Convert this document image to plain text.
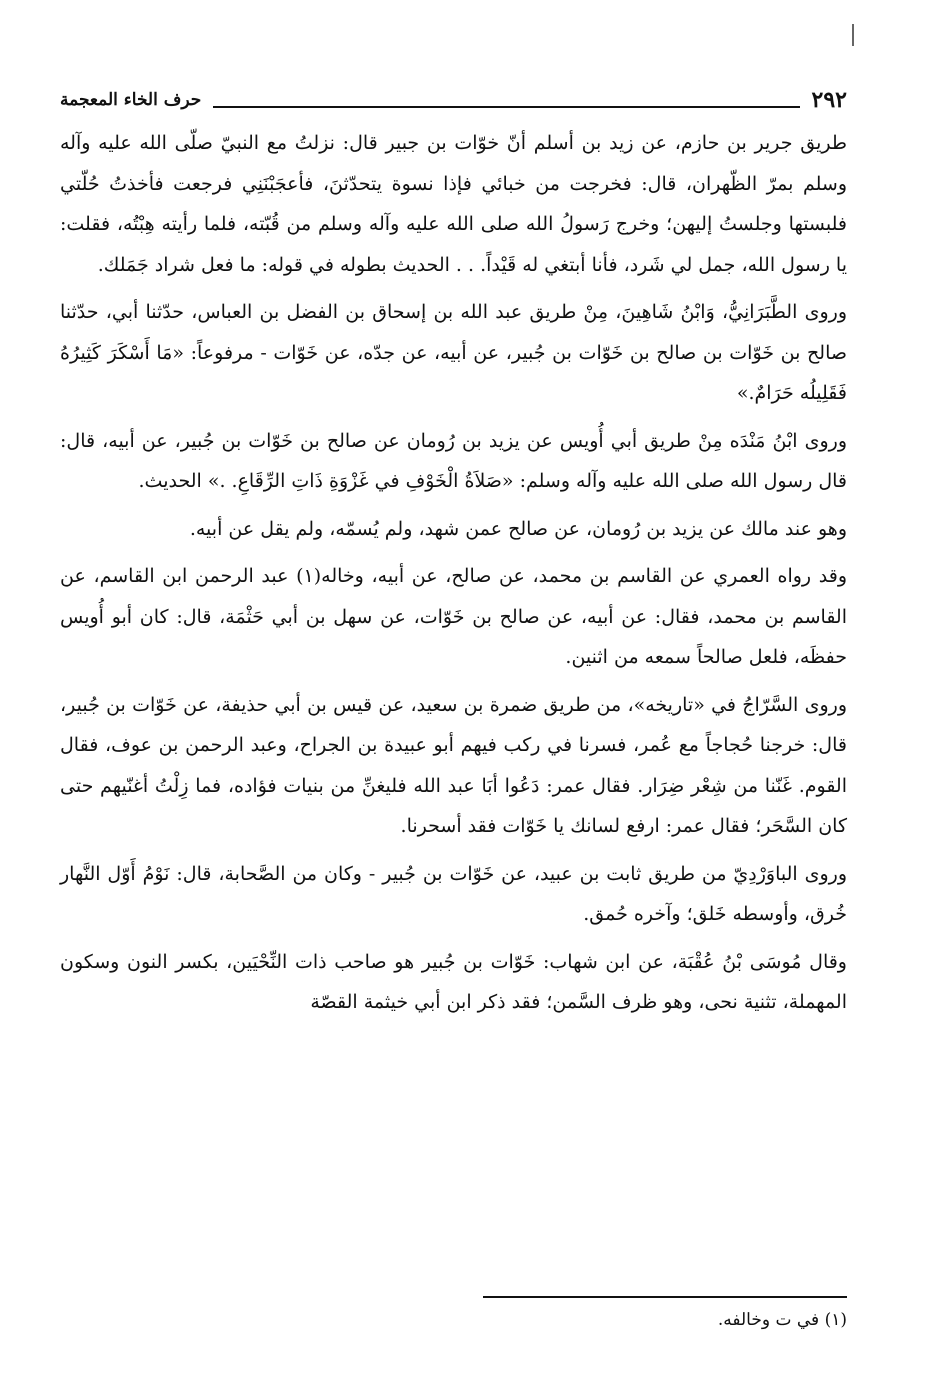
٢٩٢
حرف الخاء المعجمة

طريق جرير بن حازم، عن زيد بن أسلم أنّ خوّات بن جبير قال: نزلتُ مع النبيّ صلّى الله عليه وآله وسلم بمرّ الظّهران، قال: فخرجت من خبائي فإذا نسوة يتحدّثنَ، فأعجَبْنَنِي فرجعت فأخذتُ حُلّتي فلبستها وجلستُ إليهن؛ وخرج رَسولُ الله صلى الله عليه وآله وسلم من قُبّته، فلما رأيته هِبْتُه، فقلت: يا رسول الله، جمل لي شَرد، فأنا أبتغي له قَيْداً. . . الحديث بطوله في قوله: ما فعل شراد جَمَلك.

وروى الطَّبَرَانِيُّ، وَابْنُ شَاهِينَ، مِنْ طريق عبد الله بن إسحاق بن الفضل بن العباس، حدّثنا أبي، حدّثنا صالح بن خَوّات بن صالح بن خَوّات بن جُبير، عن أبيه، عن جدّه، عن خَوّات - مرفوعاً: «مَا أَسْكَرَ كَثِيرُهُ فَقَلِيلُه حَرَامٌ.»

وروى ابْنُ مَنْدَه مِنْ طريق أبي أُويس عن يزيد بن رُومان عن صالح بن خَوّات بن جُبير، عن أبيه، قال: قال رسول الله صلى الله عليه وآله وسلم: «صَلاَةُ الْخَوْفِ في غَزْوَةِ ذَاتِ الرِّقَاعِ. .» الحديث.

وهو عند مالك عن يزيد بن رُومان، عن صالح عمن شهد، ولم يُسمّه، ولم يقل عن أبيه.

وقد رواه العمري عن القاسم بن محمد، عن صالح، عن أبيه، وخاله(١) عبد الرحمن ابن القاسم، عن القاسم بن محمد، فقال: عن أبيه، عن صالح بن خَوّات، عن سهل بن أبي حَثْمَة، قال: كان أبو أُويس حفظَه، فلعل صالحاً سمعه من اثنين.

وروى السَّرّاجُ في «تاريخه»، من طريق ضمرة بن سعيد، عن قيس بن أبي حذيفة، عن خَوّات بن جُبير، قال: خرجنا حُجاجاً مع عُمر، فسرنا في ركب فيهم أبو عبيدة بن الجراح، وعبد الرحمن بن عوف، فقال القوم. غَنّنا من شِعْر ضِرَار. فقال عمر: دَعُوا أبَا عبد الله فليغنِّ من بنيات فؤاده، فما زِلْتُ أغنّيهم حتى كان السَّحَر؛ فقال عمر: ارفع لسانك يا خَوّات فقد أسحرنا.

وروى الباوَرْدِيّ من طريق ثابت بن عبيد، عن خَوّات بن جُبير - وكان من الصَّحابة، قال: نَوْمُ أَوّل النَّهار خُرق، وأوسطه خَلق؛ وآخره حُمق.

وقال مُوسَى بْنُ عُقْبَة، عن ابن شهاب: خَوّات بن جُبير هو صاحب ذات النِّحْيَين، بكسر النون وسكون المهملة، تثنية نحى، وهو ظرف السَّمن؛ فقد ذكر ابن أبي خيثمة القصّة

(١) في ت وخالفه.
